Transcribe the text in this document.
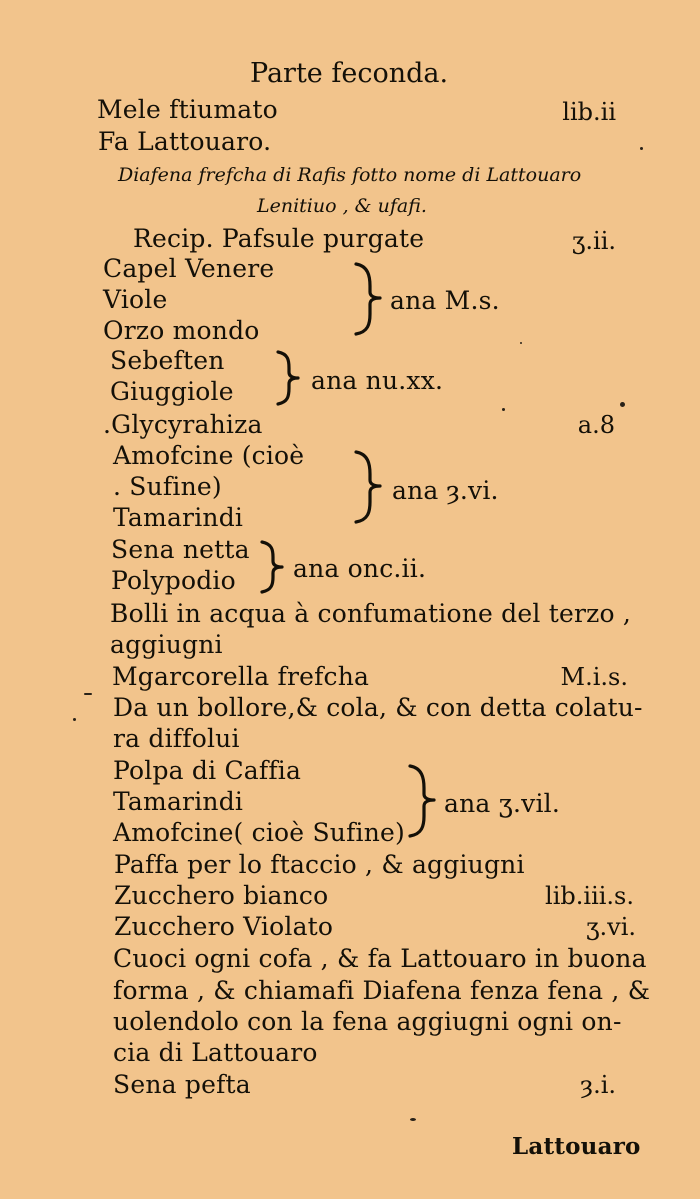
Parte feconda.
Mele ftiumato	lib.ii
Fa Lattouaro.
Diafena frefcha di Rafis fotto nome di Lattouaro
Lenitiuo , & ufafi.
Recip. Pafsule purgate	ʒ.ii.
Capel Venere
Viole
Orzo mondo
ana M.s.
Sebeften
Giuggiole	ana nu.xx.
.Glycyrahiza	a.8
Amofcine (cioè
. Sufine)
Tamarindi
ana ȝ.vi.
Sena netta
Polypodio ana onc.ii.
Bolli in acqua à confumatione del terzo ,
aggiugni
Mgarcorella frefcha	M.i.s.
Da un bollore,& cola, & con detta colatu-
ra diffolui
Polpa di Caffia
Tamarindi
Amofcine( cioè Sufine)
ana ʒ.vil.
Paffa per lo ftaccio , & aggiugni
Zucchero bianco	lib.iii.s.
Zucchero Violato	ʒ.vi.
Cuoci ogni cofa , & fa Lattouaro in buona
forma , & chiamafi Diafena fenza fena , &
uolendolo con la fena aggiugni ogni on-
cia di Lattouaro
Sena pefta	ȝ.i.
Lattouaro
